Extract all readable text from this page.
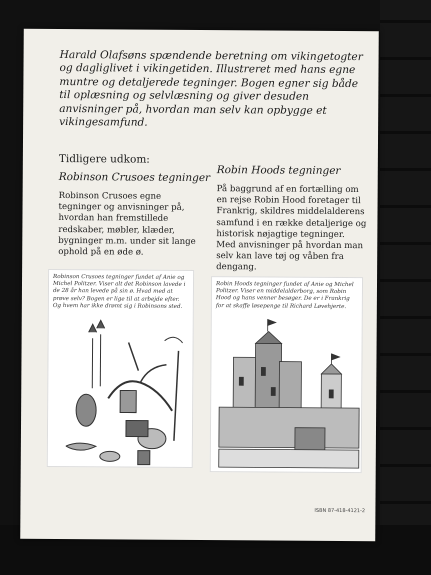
Harald Olafsøns spændende beretning om vikingetogter og dagliglivet i vikingetiden. Illustreret med hans egne muntre og detaljerede tegninger. Bogen egner sig både til oplæsning og selvlæsning og giver desuden anvisninger på, hvordan man selv kan opbygge et vikingesamfund.

Tidligere udkom:
Robinson Crusoes tegninger

Robinson Crusoes egne tegninger og anvisninger på, hvordan han fremstillede redskaber, møbler, klæder, bygninger m.m. under sit lange ophold på en øde ø.

Robinson Crusoes tegninger fundet af Anie og Michel Politzer. Viser alt det Robinson lavede i de 28 år han levede på sin ø. Hvad med at prøve selv? Bogen er lige til at arbejde efter. Og hvem har ikke drømt sig i Robinsons sted.

Robin Hoods tegninger

På baggrund af en fortælling om en rejse Robin Hood foretager til Frankrig, skildres middelalderens samfund i en række detaljerige og historisk nøjagtige tegninger. Med anvisninger på hvordan man selv kan lave tøj og våben fra dengang.

Robin Hoods tegninger fundet af Anie og Michel Politzer. Viser en middelalderborg, som Robin Hood og hans venner besøger. De er i Frankrig for at skaffe løsepenge til Richard Løvehjerte.

ISBN 87-418-4121-2
